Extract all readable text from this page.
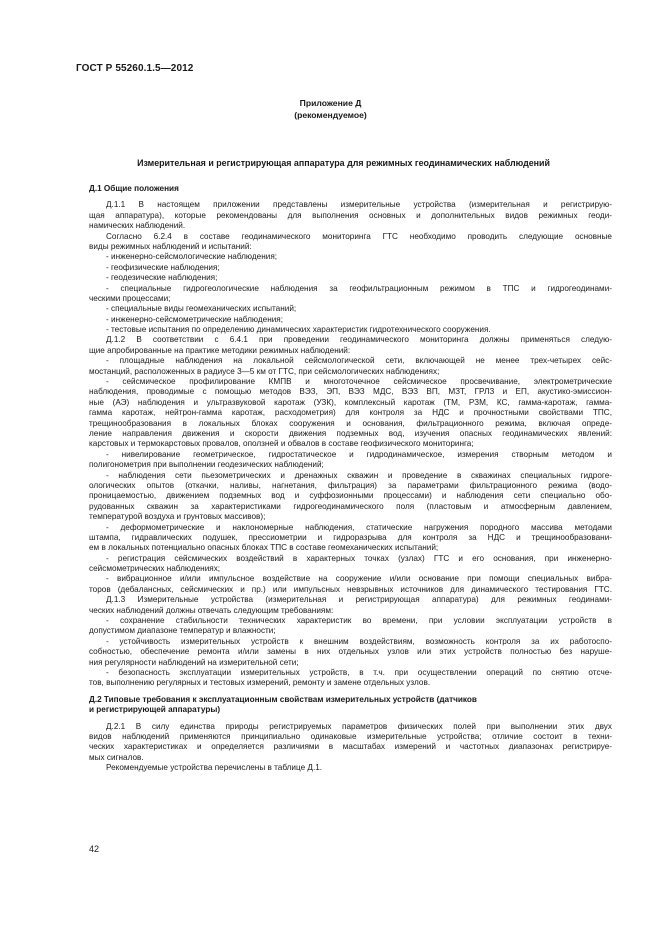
ГОСТ Р 55260.1.5—2012
Приложение Д
(рекомендуемое)
Измерительная и регистрирующая аппаратура для режимных геодинамических наблюдений
Д.1 Общие положения
Д.1.1 В настоящем приложении представлены измерительные устройства (измерительная и регистрирую-
щая аппаратура), которые рекомендованы для выполнения основных и дополнительных видов режимных геоди-
намических наблюдений.
Согласно 6.2.4 в составе геодинамического мониторинга ГТС необходимо проводить следующие основные
виды режимных наблюдений и испытаний:
- инженерно-сейсмологические наблюдения;
- геофизические наблюдения;
- геодезические наблюдения;
- специальные гидрогеологические наблюдения за геофильтрационным режимом в ТПС и гидрогеодинами-
ческими процессами;
- специальные виды геомеханических испытаний;
- инженерно-сейсмометрические наблюдения;
- тестовые испытания по определению динамических характеристик гидротехнического сооружения.
Д.1.2 В соответствии с 6.4.1 при проведении геодинамического мониторинга должны применяться следую-
щие апробированные на практике методики режимных наблюдений:
- площадные наблюдения на локальной сейсмологической сети, включающей не менее трех-четырех сейс-
мостанций, расположенных в радиусе 3—5 км от ГТС, при сейсмологических наблюдениях;
- сейсмическое профилирование КМПВ и многоточечное сейсмическое просвечивание, электрометрические
наблюдения, проводимые с помощью методов ВЭЗ, ЭП, ВЭЗ МДС, ВЭЗ ВП, МЗТ, ГРЛЗ и ЕП, акустико-эмиссион-
ные (АЭ) наблюдения и ультразвуковой каротаж (УЗК), комплексный каротаж (ТМ, РЗМ, КС, гамма-каротаж, гамма-
гамма каротаж, нейтрон-гамма каротаж, расходометрия) для контроля за НДС и прочностными свойствами ТПС,
трещинообразования в локальных блоках сооружения и основания, фильтрационного режима, включая опреде-
ление направления движения и скорости движения подземных вод, изучения опасных геодинамических явлений:
карстовых и термокарстовых провалов, оползней и обвалов в составе геофизического мониторинга;
- нивелирование геометрическое, гидростатическое и гидродинамическое, измерения створным методом и
полигонометрия при выполнении геодезических наблюдений;
- наблюдения сети пьезометрических и дренажных скважин и проведение в скважинах специальных гидроге-
ологических опытов (откачки, наливы, нагнетания, фильтрация) за параметрами фильтрационного режима (водо-
проницаемостью, движением подземных вод и суффозионными процессами) и наблюдения сети специально обо-
рудованных скважин за характеристиками гидрогеодинамического поля (пластовым и атмосферным давлением,
температурой воздуха и грунтовых массивов);
- деформометрические и наклономерные наблюдения, статические нагружения породного массива методами
штампа, гидравлических подушек, прессиометрии и гидроразрыва для контроля за НДС и трещинообразовани-
ем в локальных потенциально опасных блоках ТПС в составе геомеханических испытаний;
- регистрация сейсмических воздействий в характерных точках (узлах) ГТС и его основания, при инженерно-
сейсмометрических наблюдениях;
- вибрационное и/или импульсное воздействие на сооружение и/или основание при помощи специальных вибра-
торов (дебалансных, сейсмических и пр.) или импульсных невзрывных источников для динамического тестирования ГТС.
Д.1.3 Измерительные устройства (измерительная и регистрирующая аппаратура) для режимных геодинами-
ческих наблюдений должны отвечать следующим требованиям:
- сохранение стабильности технических характеристик во времени, при условии эксплуатации устройств в
допустимом диапазоне температур и влажности;
- устойчивость измерительных устройств к внешним воздействиям, возможность контроля за их работоспо-
собностью, обеспечение ремонта и/или замены в них отдельных узлов или этих устройств полностью без наруше-
ния регулярности наблюдений на измерительной сети;
- безопасность эксплуатации измерительных устройств, в т.ч. при осуществлении операций по снятию отсче-
тов, выполнению регулярных и тестовых измерений, ремонту и замене отдельных узлов.
Д.2 Типовые требования к эксплуатационным свойствам измерительных устройств (датчиков
и регистрирующей аппаратуры)
Д.2.1 В силу единства природы регистрируемых параметров физических полей при выполнении этих двух
видов наблюдений применяются принципиально одинаковые измерительные устройства; отличие состоит в техни-
ческих характеристиках и определяется различиями в масштабах измерений и частотных диапазонах регистрируе-
мых сигналов.
Рекомендуемые устройства перечислены в таблице Д.1.
42
